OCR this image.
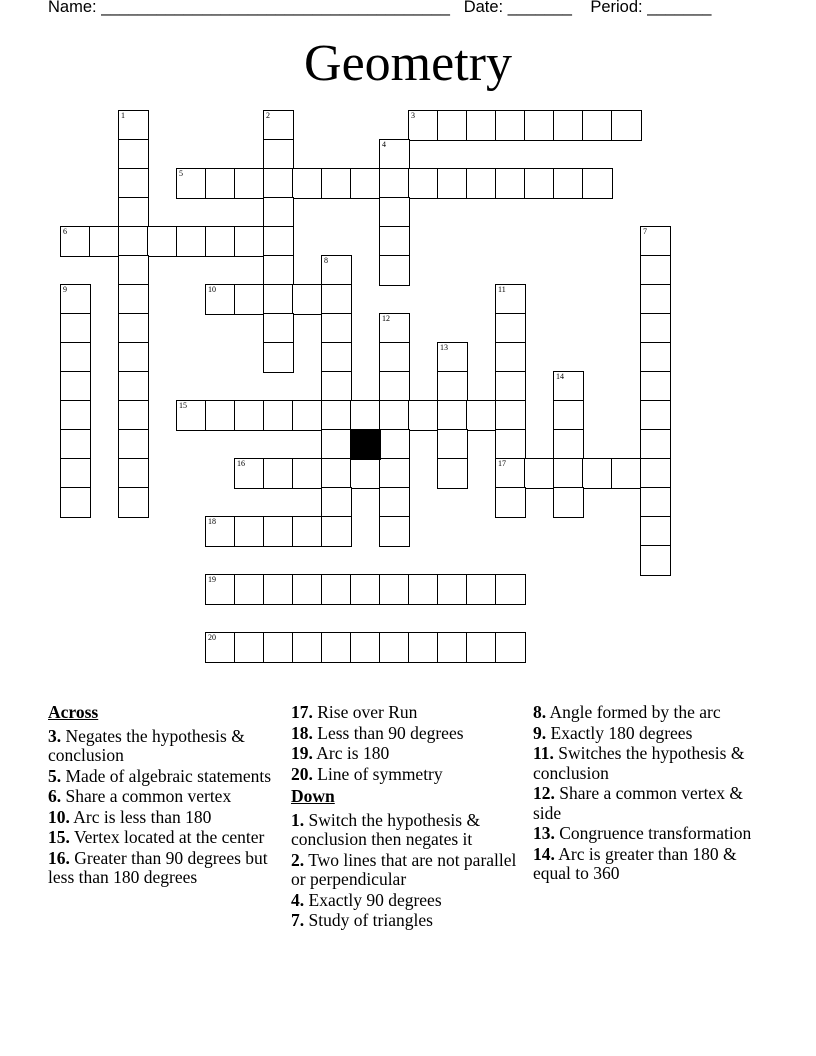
Name: ______________________________________ Date: _______ Period: _______
Geometry
1	2	3
4
5
6	7
8
9	10	11
12
13
14
15
16	17
18
19
20
Across
3. Negates the hypothesis & conclusion
5. Made of algebraic statements
6. Share a common vertex
10. Arc is less than 180
15. Vertex located at the center
16. Greater than 90 degrees but less than 180 degrees
17. Rise over Run
18. Less than 90 degrees
19. Arc is 180
20. Line of symmetry
Down
1. Switch the hypothesis & conclusion then negates it
2. Two lines that are not parallel or perpendicular
4. Exactly 90 degrees
7. Study of triangles
8. Angle formed by the arc
9. Exactly 180 degrees
11. Switches the hypothesis & conclusion
12. Share a common vertex & side
13. Congruence transformation
14. Arc is greater than 180 & equal to 360
